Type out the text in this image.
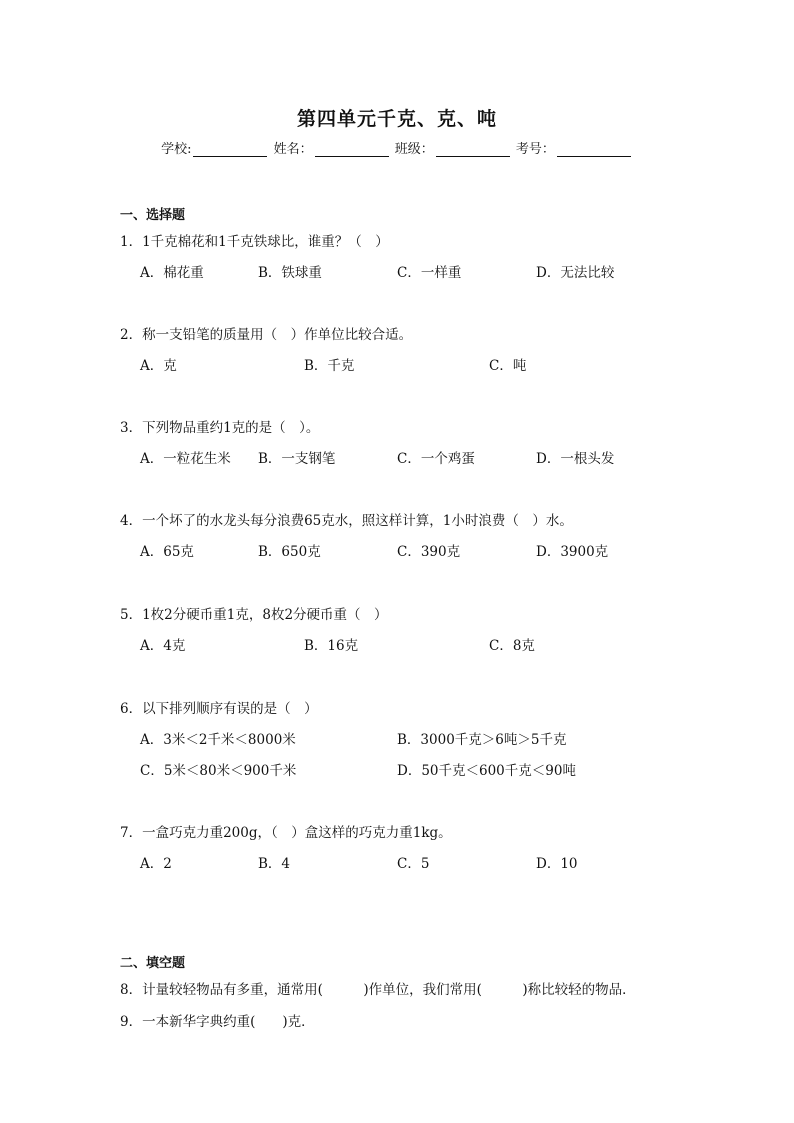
第四单元千克、克、吨
学校:	姓名：	班级：	考号：
一、选择题
1．1千克棉花和1千克铁球比，谁重？（　）
A．棉花重	B．铁球重	C．一样重	D．无法比较
2．称一支铅笔的质量用（　）作单位比较合适。
A．克	B．千克	C．吨
3．下列物品重约1克的是（　）。
A．一粒花生米 B．一支钢笔	C．一个鸡蛋	D．一根头发
4．一个坏了的水龙头每分浪费65克水，照这样计算，1小时浪费（　）水。
A．65克	B．650克	C．390克	D．3900克
5．1枚2分硬币重1克，8枚2分硬币重（　）
A．4克	B．16克	C．8克
6．以下排列顺序有误的是（　）
A．3米＜2千米＜8000米	B．3000千克＞6吨＞5千克
C．5米＜80米＜900千米	D．50千克＜600千克＜90吨
7．一盒巧克力重200g，（　）盒这样的巧克力重1kg。
A．2	B．4	C．5	D．10
二、填空题
8．计量较轻物品有多重，通常用(　　　)作单位，我们常用(　　　)称比较轻的物品．
9．一本新华字典约重(　　)克．
